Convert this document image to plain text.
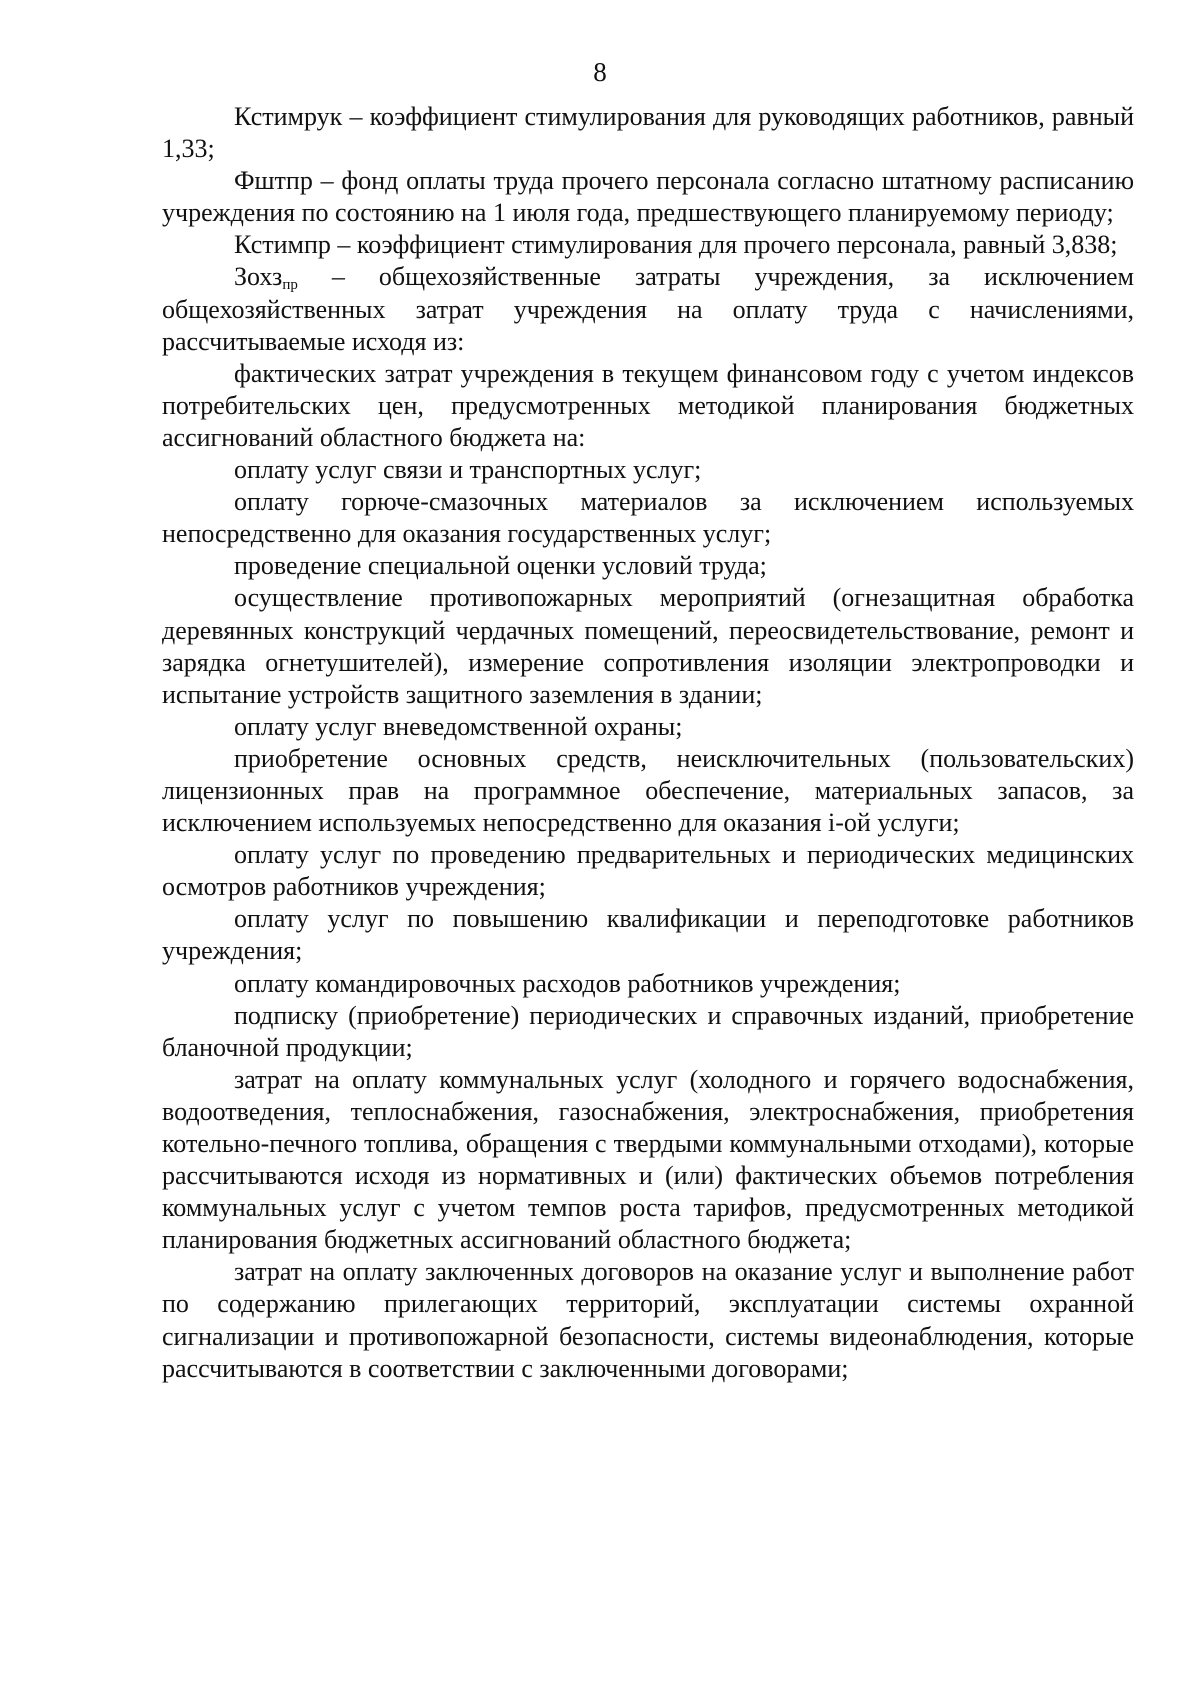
8

Кстимрук – коэффициент стимулирования для руководящих работников, равный 1,33;

Фштпр – фонд оплаты труда прочего персонала согласно штатному расписанию учреждения по состоянию на 1 июля года, предшествующего планируемому периоду;

Кстимпр – коэффициент стимулирования для прочего персонала, равный 3,838;

Зохз$_{пр}$ – общехозяйственные затраты учреждения, за исключением общехозяйственных затрат учреждения на оплату труда с начислениями, рассчитываемые исходя из:

фактических затрат учреждения в текущем финансовом году с учетом индексов потребительских цен, предусмотренных методикой планирования бюджетных ассигнований областного бюджета на:

оплату услуг связи и транспортных услуг;

оплату горюче-смазочных материалов за исключением используемых непосредственно для оказания государственных услуг;

проведение специальной оценки условий труда;

осуществление противопожарных мероприятий (огнезащитная обработка деревянных конструкций чердачных помещений, переосвидетельствование, ремонт и зарядка огнетушителей), измерение сопротивления изоляции электропроводки и испытание устройств защитного заземления в здании;

оплату услуг вневедомственной охраны;

приобретение основных средств, неисключительных (пользовательских) лицензионных прав на программное обеспечение, материальных запасов, за исключением используемых непосредственно для оказания i-ой услуги;

оплату услуг по проведению предварительных и периодических медицинских осмотров работников учреждения;

оплату услуг по повышению квалификации и переподготовке работников учреждения;

оплату командировочных расходов работников учреждения;

подписку (приобретение) периодических и справочных изданий, приобретение бланочной продукции;

затрат на оплату коммунальных услуг (холодного и горячего водоснабжения, водоотведения, теплоснабжения, газоснабжения, электроснабжения, приобретения котельно-печного топлива, обращения с твердыми коммунальными отходами), которые рассчитываются исходя из нормативных и (или) фактических объемов потребления коммунальных услуг с учетом темпов роста тарифов, предусмотренных методикой планирования бюджетных ассигнований областного бюджета;

затрат на оплату заключенных договоров на оказание услуг и выполнение работ по содержанию прилегающих территорий, эксплуатации системы охранной сигнализации и противопожарной безопасности, системы видеонаблюдения, которые рассчитываются в соответствии с заключенными договорами;
